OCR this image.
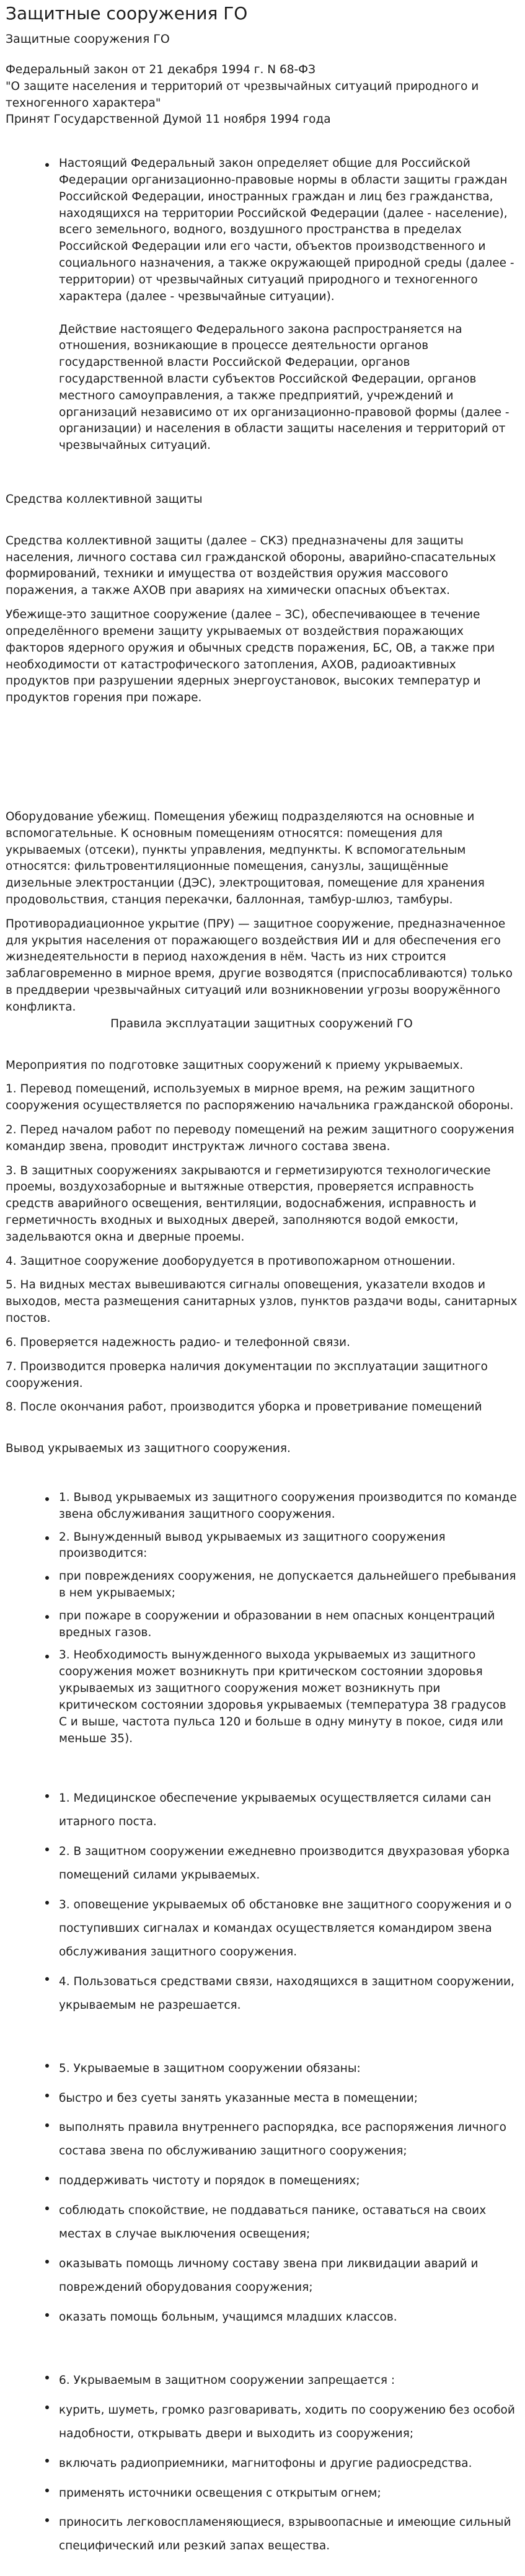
Защитные сооружения ГО
Защитные сооружения ГО
Федеральный закон от 21 декабря 1994 г. N 68-ФЗ
"О защите населения и территорий от чрезвычайных ситуаций природного и техногенного характера"
Принят Государственной Думой 11 ноября 1994 года
Настоящий Федеральный закон определяет общие для Российской Федерации организационно-правовые нормы в области защиты граждан Российской Федерации, иностранных граждан и лиц без гражданства, находящихся на территории Российской Федерации (далее - население), всего земельного, водного, воздушного пространства в пределах Российской Федерации или его части, объектов производственного и социального назначения, а также окружающей природной среды (далее - территории) от чрезвычайных ситуаций природного и техногенного характера (далее - чрезвычайные ситуации).
Действие настоящего Федерального закона распространяется на отношения, возникающие в процессе деятельности органов государственной власти Российской Федерации, органов государственной власти субъектов Российской Федерации, органов местного самоуправления, а также предприятий, учреждений и организаций независимо от их организационно-правовой формы (далее - организации) и населения в области защиты населения и территорий от чрезвычайных ситуаций.
Средства коллективной защиты
Средства коллективной защиты (далее – СКЗ) предназначены для защиты населения, личного состава сил гражданской обороны, аварийно-спасательных формирований, техники и имущества от воздействия оружия массового поражения, а также АХОВ при авариях на химически опасных объектах.
Убежище-это защитное сооружение (далее – ЗС), обеспечивающее в течение определённого времени защиту укрываемых от воздействия поражающих факторов ядерного оружия и обычных средств поражения, БС, ОВ, а также при необходимости от катастрофического затопления, АХОВ, радиоактивных продуктов при разрушении ядерных энергоустановок, высоких температур и продуктов горения при пожаре.
Оборудование убежищ. Помещения убежищ подразделяются на основные и вспомогательные. К основным помещениям относятся: помещения для укрываемых (отсеки), пункты управления, медпункты. К вспомогательным относятся: фильтровентиляционные помещения, санузлы, защищённые дизельные электростанции (ДЭС), электрощитовая, помещение для хранения продовольствия, станция перекачки, баллонная, тамбур-шлюз, тамбуры.
Противорадиационное укрытие (ПРУ) — защитное сооружение, предназначенное для укрытия населения от поражающего воздействия ИИ и для обеспечения его жизнедеятельности в период нахождения в нём. Часть из них строится заблаговременно в мирное время, другие возводятся (приспосабливаются) только в преддверии чрезвычайных ситуаций или возникновении угрозы вооружённого конфликта.
Правила эксплуатации защитных сооружений ГО
Мероприятия по подготовке защитных сооружений к приему укрываемых.
1. Перевод помещений, используемых в мирное время, на режим защитного сооружения осуществляется по распоряжению начальника гражданской обороны.
2. Перед началом работ по переводу помещений на режим защитного сооружения командир звена, проводит инструктаж личного состава звена.
3. В защитных сооружениях закрываются и герметизируются технологические проемы, воздухозаборные и вытяжные отверстия, проверяется исправность средств аварийного освещения, вентиляции, водоснабжения, исправность и герметичность входных и выходных дверей, заполняются водой емкости, задельваются окна и дверные проемы.
4. Защитное сооружение дооборудуется в противопожарном отношении.
5. На видных местах вывешиваются сигналы оповещения, указатели входов и выходов, места размещения санитарных узлов, пунктов раздачи воды, санитарных постов.
6. Проверяется надежность радио- и телефонной связи.
7. Производится проверка наличия документации по эксплуатации защитного сооружения.
8. После окончания работ, производится уборка и проветривание помещений
Вывод укрываемых из защитного сооружения.
1. Вывод укрываемых из защитного сооружения производится по команде звена обслуживания защитного сооружения.
2. Вынужденный вывод укрываемых из защитного сооружения производится:
при повреждениях сооружения, не допускается дальнейшего пребывания в нем укрываемых;
при пожаре в сооружении и образовании в нем опасных концентраций вредных газов.
3. Необходимость вынужденного выхода укрываемых из защитного сооружения может возникнуть при критическом состоянии здоровья укрываемых из защитного сооружения может возникнуть при критическом состоянии здоровья укрываемых (температура 38 градусов С и выше, частота пульса 120 и больше в одну минуту в покое, сидя или меньше 35).
1. Медицинское обеспечение укрываемых осуществляется силами сан итарного поста.
2. В защитном сооружении ежедневно производится двухразовая уборка помещений силами укрываемых.
3. оповещение укрываемых об обстановке вне защитного сооружения и о поступивших сигналах и командах осуществляется командиром звена обслуживания защитного сооружения.
4. Пользоваться средствами связи, находящихся в защитном сооружении, укрываемым не разрешается.
5. Укрываемые в защитном сооружении обязаны:
быстро и без суеты занять указанные места в помещении;
выполнять правила внутреннего распорядка, все распоряжения личного состава звена по обслуживанию защитного сооружения;
поддерживать чистоту и порядок в помещениях;
соблюдать спокойствие, не поддаваться панике, оставаться на своих местах в случае выключения освещения;
оказывать помощь личному составу звена при ликвидации аварий и повреждений оборудования сооружения;
оказать помощь больным, учащимся младших классов.
6. Укрываемым в защитном сооружении запрещается :
курить, шуметь, громко разговаривать, ходить по сооружению без особой надобности, открывать двери и выходить из сооружения;
включать радиоприемники, магнитофоны и другие радиосредства.
применять источники освещения с открытым огнем;
приносить легковоспламеняющиеся, взрывоопасные и имеющие сильный специфический или резкий запах вещества.
